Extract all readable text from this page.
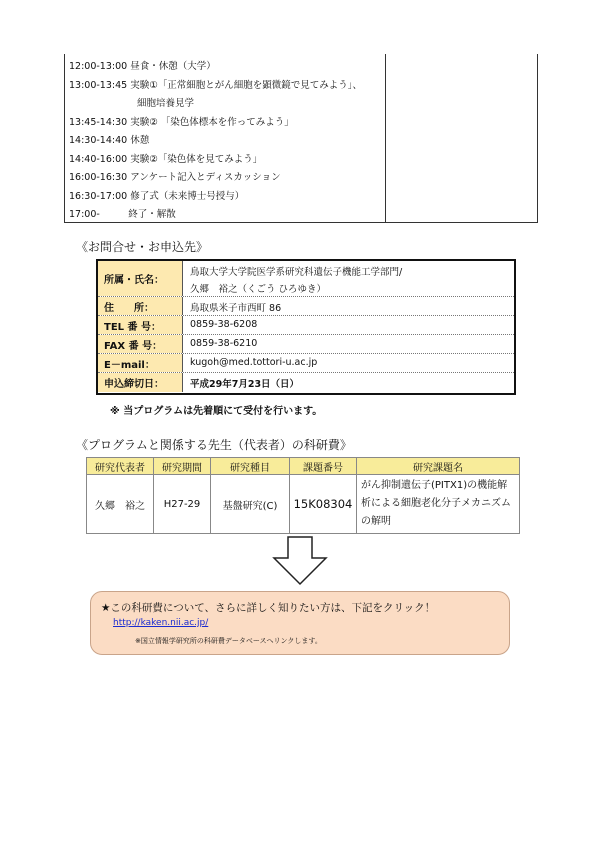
12:00-13:00 昼食・休憩（大学）
13:00-13:45 実験①「正常細胞とがん細胞を顕微鏡で見てみよう」、
細胞培養見学
13:45-14:30 実験② 「染色体標本を作ってみよう」
14:30-14:40 休憩
14:40-16:00 実験②「染色体を見てみよう」
16:00-16:30 アンケート記入とディスカッション
16:30-17:00 修了式（未来博士号授与）
17:00-　　　終了・解散
《お問合せ・お申込先》
所属・氏名：
鳥取大学大学院医学系研究科遺伝子機能工学部門/
久郷　裕之（くごう ひろゆき）
住　　所：	鳥取県米子市西町 86
TEL 番 号：	0859-38-6208
FAX 番 号：	0859-38-6210
E－mail：	kugoh@med.tottori-u.ac.jp
申込締切日：	平成29年7月23日（日）
※ 当プログラムは先着順にて受付を行います。
《プログラムと関係する先生（代表者）の科研費》
研究代表者	研究期間	研究種目	課題番号	研究課題名
久郷　裕之	H27-29	基盤研究(C)	15K08304	がん抑制遺伝子(PITX1)の機能解
析による細胞老化分子メカニズム
の解明
★この科研費について、さらに詳しく知りたい方は、下記をクリック！
http://kaken.nii.ac.jp/
※国立情報学研究所の科研費データベースへリンクします。
